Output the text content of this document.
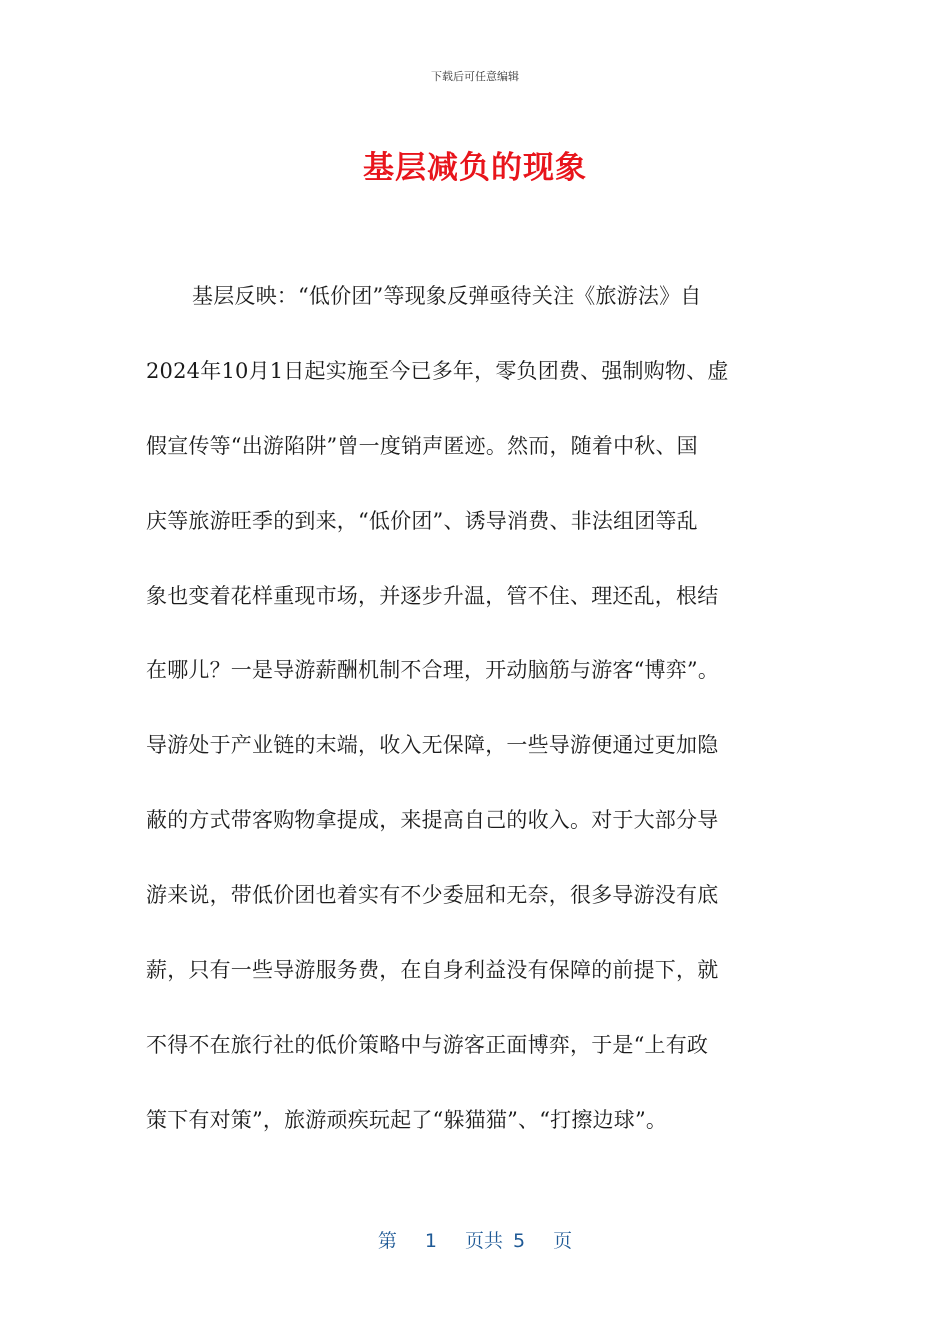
下载后可任意编辑
基层减负的现象
基层反映：“低价团”等现象反弹亟待关注《旅游法》自
2024年10月1日起实施至今已多年，零负团费、强制购物、虚
假宣传等“出游陷阱”曾一度销声匿迹。然而，随着中秋、国
庆等旅游旺季的到来，“低价团”、诱导消费、非法组团等乱
象也变着花样重现市场，并逐步升温，管不住、理还乱，根结
在哪儿？一是导游薪酬机制不合理，开动脑筋与游客“博弈”。
导游处于产业链的末端，收入无保障，一些导游便通过更加隐
蔽的方式带客购物拿提成，来提高自己的收入。对于大部分导
游来说，带低价团也着实有不少委屈和无奈，很多导游没有底
薪，只有一些导游服务费，在自身利益没有保障的前提下，就
不得不在旅行社的低价策略中与游客正面博弈，于是“上有政
策下有对策”，旅游顽疾玩起了“躲猫猫”、“打擦边球”。
第 1 页共 5 页
